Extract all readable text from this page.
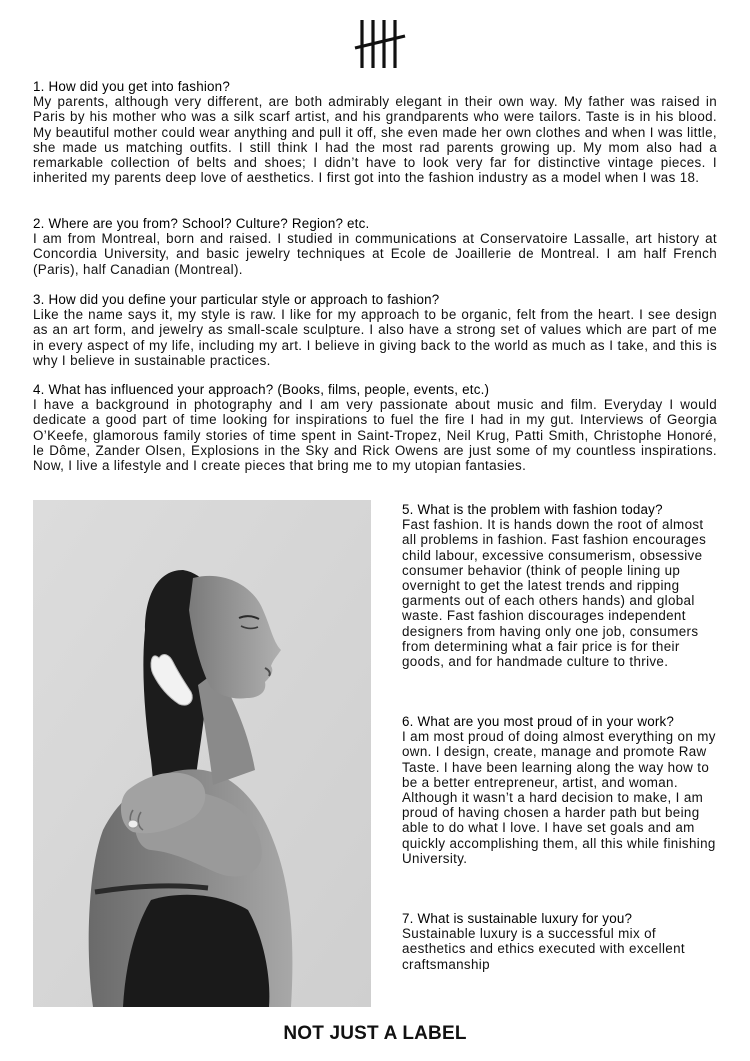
1. How did you get into fashion?
My parents, although very different, are both admirably elegant in their own way. My father was raised in Paris by his mother who was a silk scarf artist, and his grandparents who were tailors. Taste is in his blood. My beautiful mother could wear anything and pull it off, she even made her own clothes and when I was little, she made us matching outfits. I still think I had the most rad parents growing up. My mom also had a remarkable collection of belts and shoes; I didn’t have to look very far for distinctive vintage pieces. I inherited my parents deep love of aesthetics. I first got into the fashion industry as a model when I was 18.
2. Where are you from? School? Culture? Region? etc.
I am from Montreal, born and raised. I studied in communications at Conservatoire Lassalle, art history at Concordia University, and basic jewelry techniques at Ecole de Joaillerie de Montreal. I am half French (Paris), half Canadian (Montreal).
3. How did you define your particular style or approach to fashion?
Like the name says it, my style is raw. I like for my approach to be organic, felt from the heart. I see design as an art form, and jewelry as small-scale sculpture. I also have a strong set of values which are part of me in every aspect of my life, including my art. I believe in giving back to the world as much as I take, and this is why I believe in sustainable practices.
4. What has influenced your approach? (Books, films, people, events, etc.)
I have a background in photography and I am very passionate about music and film. Everyday I would dedicate a good part of time looking for inspirations to fuel the fire I had in my gut. Interviews of Georgia O’Keefe, glamorous family stories of time spent in Saint-Tropez, Neil Krug, Patti Smith, Christophe Honoré, le Dôme, Zander Olsen, Explosions in the Sky and Rick Owens are just some of my countless inspirations. Now, I live a lifestyle and I create pieces that bring me to my utopian fantasies.
5. What is the problem with fashion today?
Fast fashion. It is hands down the root of almost all problems in fashion. Fast fashion encourages child labour, excessive consumerism, obsessive consumer behavior (think of people lining up overnight to get the latest trends and ripping garments out of each others hands) and global waste. Fast fashion discourages independent designers from having only one job, consumers from determining what a fair price is for their goods, and for handmade culture to thrive.
6. What are you most proud of in your work?
I am most proud of doing almost everything on my own. I design, create, manage and promote Raw Taste. I have been learning along the way how to be a better entrepreneur, artist, and woman. Although it wasn’t a hard decision to make, I am proud of having chosen a harder path but being able to do what I love. I have set goals and am quickly accomplishing them, all this while finishing University.
7. What is sustainable luxury for you?
Sustainable luxury is a successful mix of aesthetics and ethics executed with excellent craftsmanship
NOT JUST A LABEL
